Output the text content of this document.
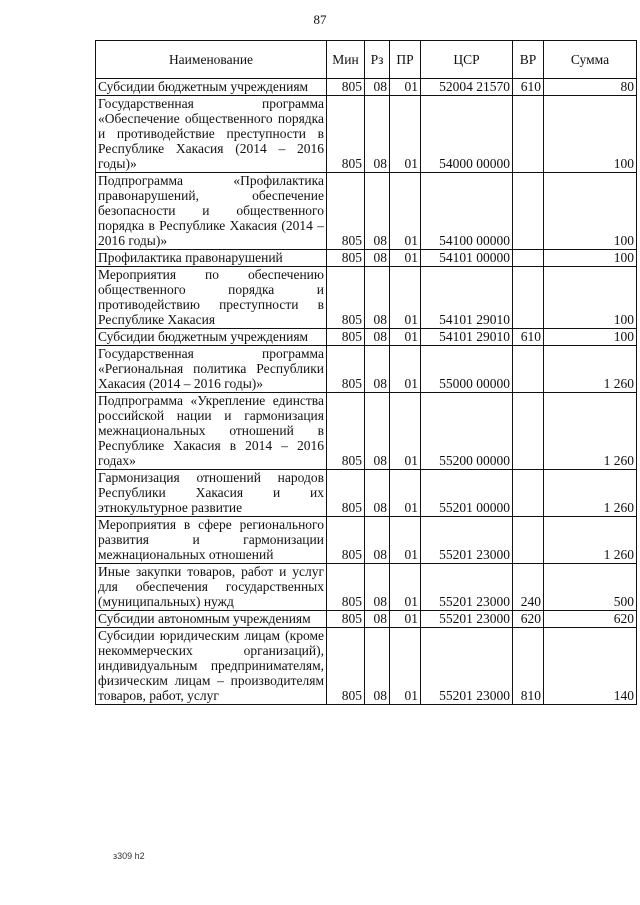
87
Наименование	Мин	Рз	ПР	ЦСР	ВР	Сумма
Субсидии бюджетным учреждениям	805	08	01	52004 21570	610	80
Государственная программа «Обеспечение общественного порядка и противодействие преступности в Республике Хакасия (2014 – 2016 годы)»	805	08	01	54000 00000		100
Подпрограмма «Профилактика правонарушений, обеспечение безопасности и общественного порядка в Республике Хакасия (2014 – 2016 годы)»	805	08	01	54100 00000		100
Профилактика правонарушений	805	08	01	54101 00000		100
Мероприятия по обеспечению общественного порядка и противодействию преступности в Республике Хакасия	805	08	01	54101 29010		100
Субсидии бюджетным учреждениям	805	08	01	54101 29010	610	100
Государственная программа «Региональная политика Республики Хакасия (2014 – 2016 годы)»	805	08	01	55000 00000		1 260
Подпрограмма «Укрепление единства российской нации и гармонизация межнациональных отношений в Республике Хакасия в 2014 – 2016 годах»	805	08	01	55200 00000		1 260
Гармонизация отношений народов Республики Хакасия и их этнокультурное развитие	805	08	01	55201 00000		1 260
Мероприятия в сфере регионального развития и гармонизации межнациональных отношений	805	08	01	55201 23000		1 260
Иные закупки товаров, работ и услуг для обеспечения государственных (муниципальных) нужд	805	08	01	55201 23000	240	500
Субсидии автономным учреждениям	805	08	01	55201 23000	620	620
Субсидии юридическим лицам (кроме некоммерческих организаций), индивидуальным предпринимателям, физическим лицам – производителям товаров, работ, услуг	805	08	01	55201 23000	810	140
з309 h2
